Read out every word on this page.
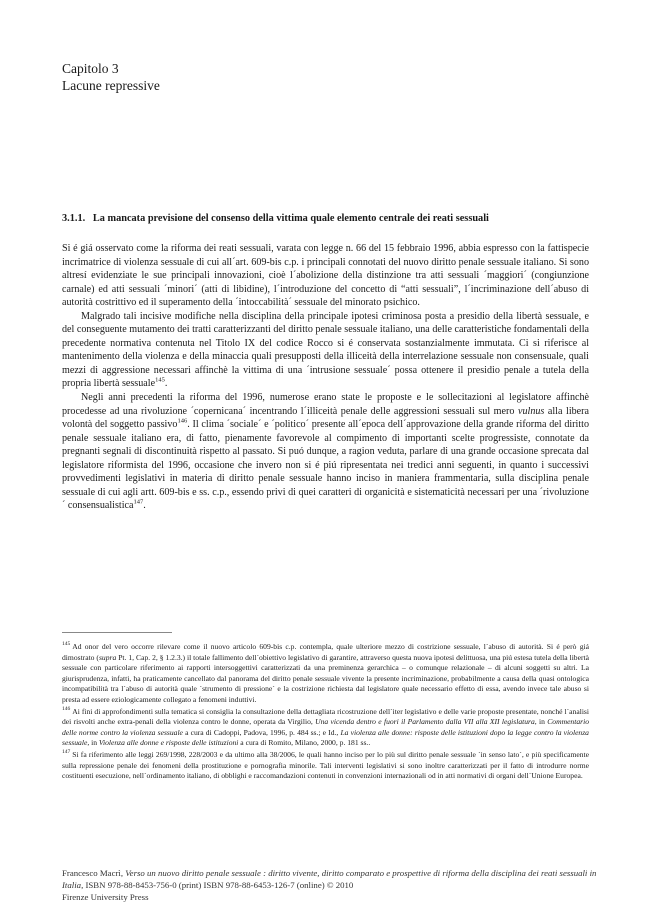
Capitolo 3
Lacune repressive
3.1.1. La mancata previsione del consenso della vittima quale elemento centrale dei reati sessuali

Si é giá osservato come la riforma dei reati sessuali, varata con legge n. 66 del 15 febbraio 1996, abbia espresso con la fattispecie incrimatrice di violenza sessuale di cui all´art. 609-bis c.p. i principali connotati del nuovo diritto penale sessuale italiano. Si sono altresí evidenziate le sue principali innovazioni, cioè l´abolizione della distinzione tra atti sessuali ´maggiori´ (congiunzione carnale) ed atti sessuali ´minori´ (atti di libidine), l´introduzione del concetto di “atti sessuali”, l´incriminazione dell´abuso di autorità costrittivo ed il superamento della ´intoccabilità´ sessuale del minorato psichico.

Malgrado tali incisive modifiche nella disciplina della principale ipotesi criminosa posta a presidio della libertà sessuale, e del conseguente mutamento dei tratti caratterizzanti del diritto penale sessuale italiano, una delle caratteristiche fondamentali della precedente normativa contenuta nel Titolo IX del codice Rocco si é conservata sostanzialmente immutata. Ci si riferisce al mantenimento della violenza e della minaccia quali presupposti della illiceità della interrelazione sessuale non consensuale, quali mezzi di aggressione necessari affinchè la vittima di una ´intrusione sessuale´ possa ottenere il presidio penale a tutela della propria libertà sessuale$^{145}$.

Negli anni precedenti la riforma del 1996, numerose erano state le proposte e le sollecitazioni al legislatore affinchè procedesse ad una rivoluzione ´copernicana´ incentrando l´illiceità penale delle aggressioni sessuali sul mero vulnus alla libera volontà del soggetto passivo$^{146}$. Il clima ´sociale´ e ´politico´ presente all´epoca dell´approvazione della grande riforma del diritto penale sessuale italiano era, di fatto, pienamente favorevole al compimento di importanti scelte progressiste, connotate da pregnanti segnali di discontinuità rispetto al passato. Si puó dunque, a ragion veduta, parlare di una grande occasione sprecata dal legislatore riformista del 1996, occasione che invero non si é piú ripresentata nei tredici anni seguenti, in quanto i successivi provvedimenti legislativi in materia di diritto penale sessuale hanno inciso in maniera frammentaria, sulla disciplina penale sessuale di cui agli artt. 609-bis e ss. c.p., essendo privi di quei caratteri di organicità e sistematicità necessari per una ´rivoluzione´ consensualistica$^{147}$.

$^{145}$ Ad onor del vero occorre rilevare come il nuovo articolo 609-bis c.p. contempla, quale ulteriore mezzo di costrizione sessuale, l´abuso di autorità. Si é però giá dimostrato (supra Pt. 1, Cap. 2, § 1.2.3.) il totale fallimento dell´obiettivo legislativo di garantire, attraverso questa nuova ipotesi delittuosa, una piú estesa tutela della libertà sessuale con particolare riferimento ai rapporti intersoggettivi caratterizzati da una preminenza gerarchica – o comunque relazionale – di alcuni soggetti su altri. La giurisprudenza, infatti, ha praticamente cancellato dal panorama del diritto penale sessuale vivente la presente incriminazione, probabilmente a causa della quasi ontologica incompatibilità tra l´abuso di autorità quale ´strumento di pressione´ e la costrizione richiesta dal legislatore quale necessario effetto di essa, avendo invece tale abuso si presta ad essere eziologicamente collegato a fenomeni induttivi.

$^{146}$ Ai fini di approfondimenti sulla tematica si consiglia la consultazione della dettagliata ricostruzione dell´iter legislativo e delle varie proposte presentate, nonché l´analisi dei risvolti anche extra-penali della violenza contro le donne, operata da Virgilio, Una vicenda dentro e fuori il Parlamento dalla VII alla XII legislatura, in Commentario delle norme contro la violenza sessuale a cura di Cadoppi, Padova, 1996, p. 484 ss.; e Id., La violenza alle donne: risposte delle istituzioni dopo la legge contro la violenza sessuale, in Violenza alle donne e risposte delle istituzioni a cura di Romito, Milano, 2000, p. 181 ss..

$^{147}$ Si fa riferimento alle leggi 269/1998, 228/2003 e da ultimo alla 38/2006, le quali hanno inciso per lo più sul diritto penale sessuale ´in senso lato´, e più specificamente sulla repressione penale dei fenomeni della prostituzione e pornografia minorile. Tali interventi legislativi si sono inoltre caratterizzati per il fatto di introdurre norme costituenti esecuzione, nell´ordinamento italiano, di obblighi e raccomandazioni contenuti in convenzioni internazionali od in atti normativi di organi dell´Unione Europea.

Francesco Macrì, Verso un nuovo diritto penale sessuale : diritto vivente, diritto comparato e prospettive di riforma della disciplina dei reati sessuali in Italia, ISBN 978-88-8453-756-0 (print) ISBN 978-88-6453-126-7 (online) © 2010
Firenze University Press
